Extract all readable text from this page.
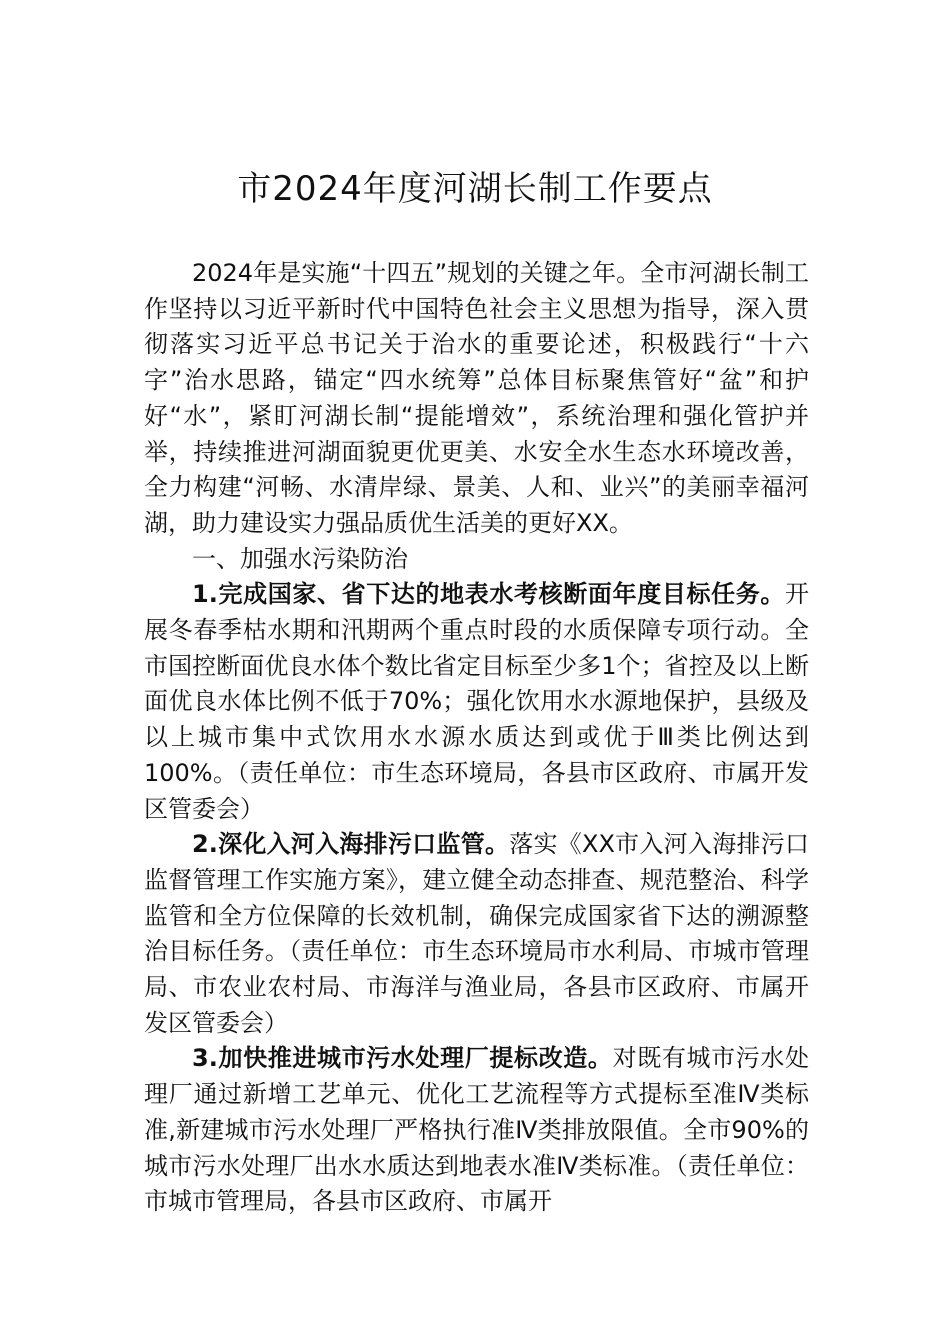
市2024年度河湖长制工作要点

2024年是实施“十四五”规划的关键之年。全市河湖长制工作坚持以习近平新时代中国特色社会主义思想为指导，深入贯彻落实习近平总书记关于治水的重要论述，积极践行“十六字”治水思路，锚定“四水统筹”总体目标聚焦管好“盆”和护好“水”，紧盯河湖长制“提能增效”，系统治理和强化管护并举，持续推进河湖面貌更优更美、水安全水生态水环境改善，全力构建“河畅、水清岸绿、景美、人和、业兴”的美丽幸福河湖，助力建设实力强品质优生活美的更好XX。

一、加强水污染防治

1.完成国家、省下达的地表水考核断面年度目标任务。开展冬春季枯水期和汛期两个重点时段的水质保障专项行动。全市国控断面优良水体个数比省定目标至少多1个；省控及以上断面优良水体比例不低于70%；强化饮用水水源地保护，县级及以上城市集中式饮用水水源水质达到或优于Ⅲ类比例达到100%。（责任单位：市生态环境局，各县市区政府、市属开发区管委会）

2.深化入河入海排污口监管。落实《XX市入河入海排污口监督管理工作实施方案》，建立健全动态排查、规范整治、科学监管和全方位保障的长效机制，确保完成国家省下达的溯源整治目标任务。（责任单位：市生态环境局市水利局、市城市管理局、市农业农村局、市海洋与渔业局，各县市区政府、市属开发区管委会）

3.加快推进城市污水处理厂提标改造。对既有城市污水处理厂通过新增工艺单元、优化工艺流程等方式提标至准Ⅳ类标准,新建城市污水处理厂严格执行准Ⅳ类排放限值。全市90%的城市污水处理厂出水水质达到地表水准Ⅳ类标准。（责任单位：市城市管理局，各县市区政府、市属开
